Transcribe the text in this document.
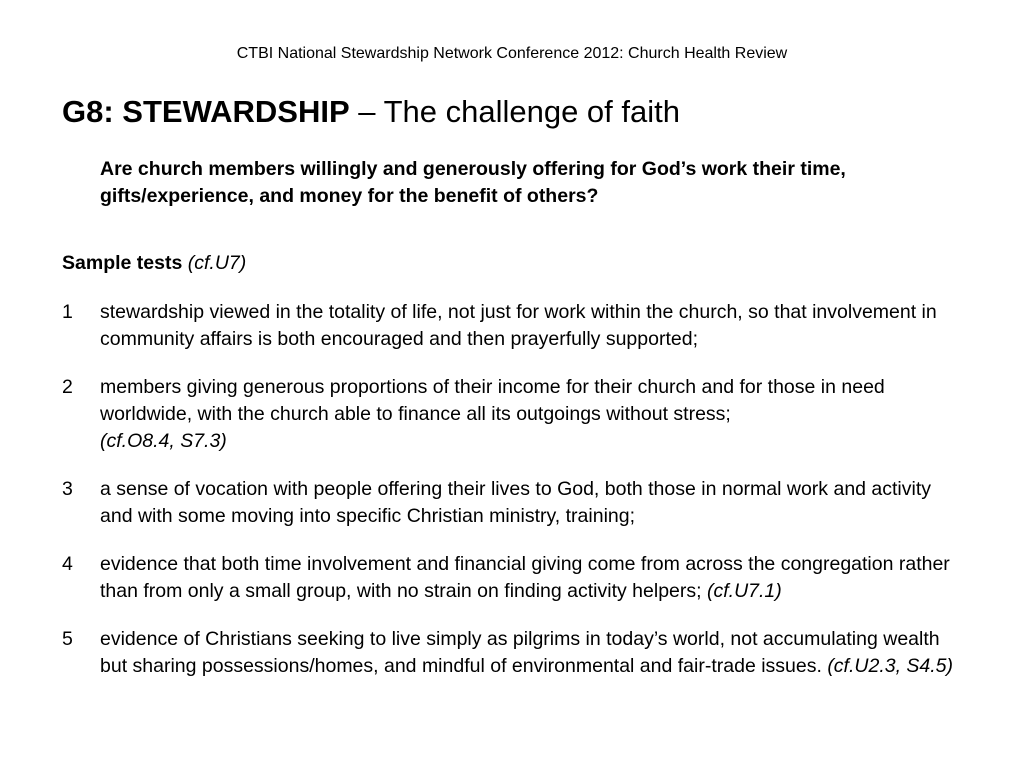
CTBI National Stewardship Network Conference 2012: Church Health Review
G8: STEWARDSHIP – The challenge of faith
Are church members willingly and generously offering for God’s work their time, gifts/experience, and money for the benefit of others?
Sample tests (cf.U7)
1 stewardship viewed in the totality of life, not just for work within the church, so that involvement in community affairs is both encouraged and then prayerfully supported;
2 members giving generous proportions of their income for their church and for those in need worldwide, with the church able to finance all its outgoings without stress;
(cf.O8.4, S7.3)
3 a sense of vocation with people offering their lives to God, both those in normal work and activity and with some moving into specific Christian ministry, training;
4 evidence that both time involvement and financial giving come from across the congregation rather than from only a small group, with no strain on finding activity helpers; (cf.U7.1)
5 evidence of Christians seeking to live simply as pilgrims in today’s world, not accumulating wealth but sharing possessions/homes, and mindful of environmental and fair-trade issues. (cf.U2.3, S4.5)
